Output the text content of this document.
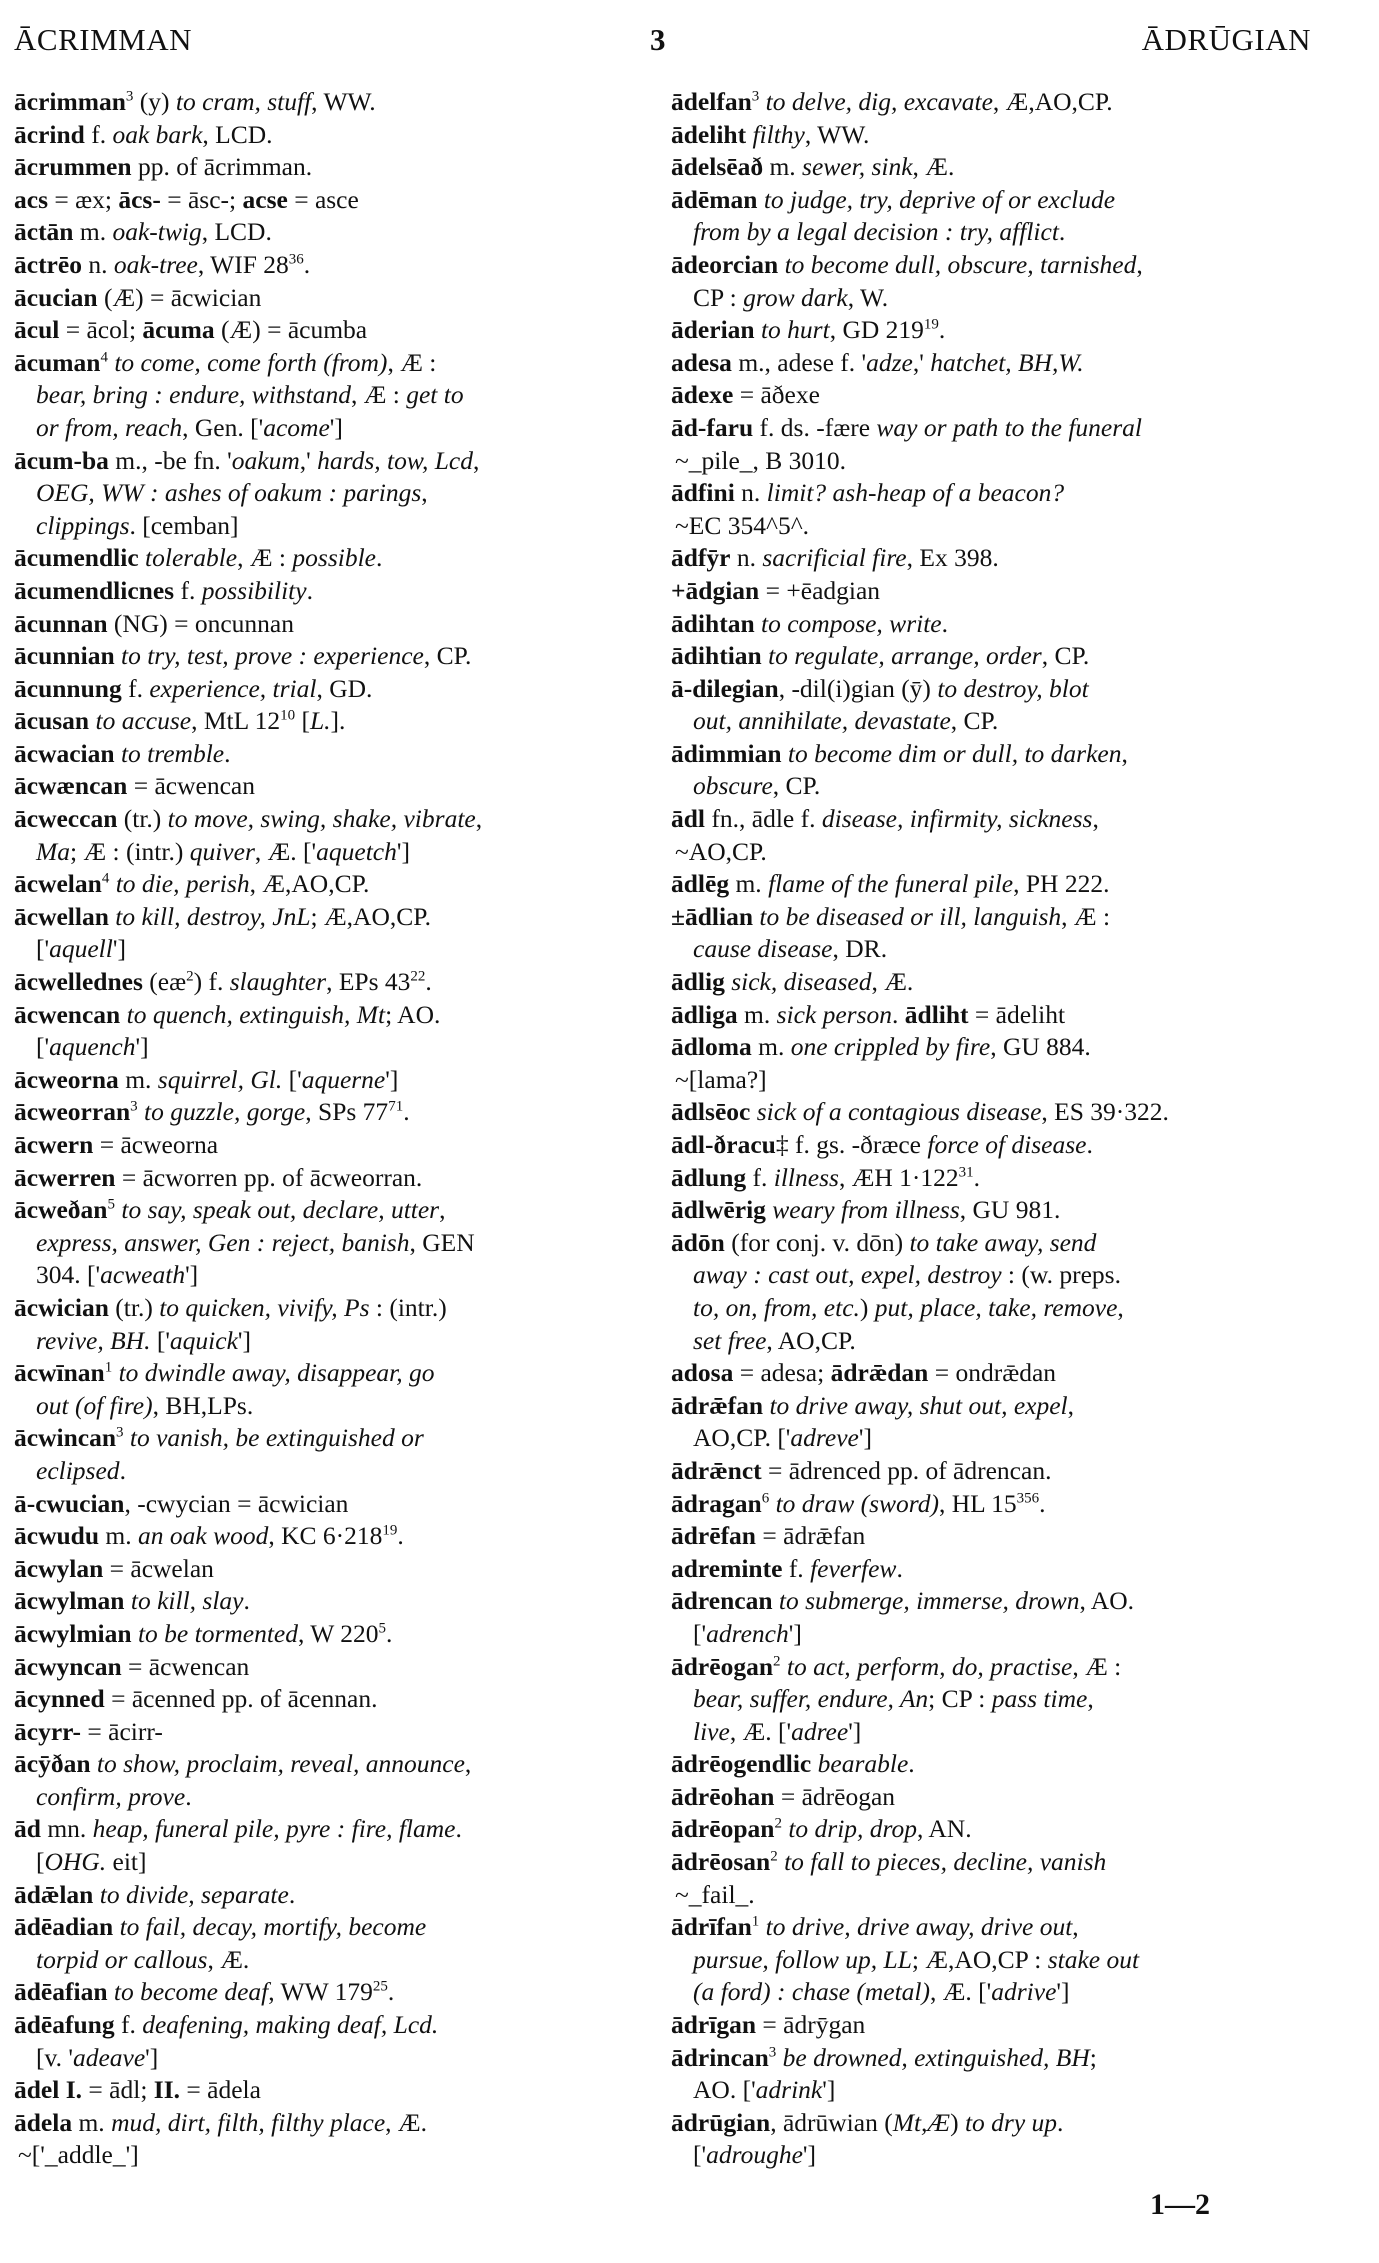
ĀCRIMMAN	3	ĀDRŪGIAN
ācrimman$^3$ (y) to cram, stuff, WW.
ācrind f. oak bark, LCD.
ācrummen pp. of ācrimman.
acs = æx; ācs- = āsc-; acse = asce
āctān m. oak-twig, LCD.
āctrēo n. oak-tree, WIF $28^{36}$.
ācucian (Æ) = ācwician
ācul = ācol; ācuma (Æ) = ācumba
ācuman$^4$ to come, come forth (from), Æ :
bear, bring : endure, withstand, Æ : get to
or from, reach, Gen. ['acome']
ācum-ba m., -be fn. 'oakum,' hards, tow, Lcd,
OEG, WW : ashes of oakum : parings,
clippings. [cemban]
ācumendlic tolerable, Æ : possible.
ācumendlicnes f. possibility.
ācunnan (NG) = oncunnan
ācunnian to try, test, prove : experience, CP.
ācunnung f. experience, trial, GD.
ācusan to accuse, MtL $12^{10}$ [L.].
ācwacian to tremble.
ācwæncan = ācwencan
ācweccan (tr.) to move, swing, shake, vibrate,
Ma; Æ : (intr.) quiver, Æ. ['aquetch']
ācwelan$^4$ to die, perish, Æ,AO,CP.
ācwellan to kill, destroy, JnL; Æ,AO,CP.
['aquell']
ācwellednes $(eæ^2)$ f. slaughter, EPs $43^{22}$.
ācwencan to quench, extinguish, Mt; AO.
['aquench']
ācweorna m. squirrel, Gl. ['aquerne']
ācweorran$^3$ to guzzle, gorge, SPs $77^{71}$.
ācwern = ācweorna
ācwerren = ācworren pp. of ācweorran.
ācweðan$^5$ to say, speak out, declare, utter,
express, answer, Gen : reject, banish, GEN
304. ['acweath']
ācwician (tr.) to quicken, vivify, Ps : (intr.)
revive, BH. ['aquick']
ācwīnan$^1$ to dwindle away, disappear, go
out (of fire), BH,LPs.
ācwincan$^3$ to vanish, be extinguished or
eclipsed.
ā-cwucian, -cwycian = ācwician
ācwudu m. an oak wood, KC $6\cdot 218^{19}$.
ācwylan = ācwelan
ācwylman to kill, slay.
ācwylmian to be tormented, W $220^5$.
ācwyncan = ācwencan
ācynned = ācenned pp. of ācennan.
ācyrr- = ācirr-
ācȳðan to show, proclaim, reveal, announce,
confirm, prove.
ād mn. heap, funeral pile, pyre : fire, flame.
[OHG. eit]
ādǣlan to divide, separate.
ādēadian to fail, decay, mortify, become
torpid or callous, Æ.
ādēafian to become deaf, WW $179^{25}$.
ādēafung f. deafening, making deaf, Lcd.
[v. 'adeave']
ādel I. = ādl; II. = ādela
ādela m. mud, dirt, filth, filthy place, Æ.
~['_addle_']
ādelfan$^3$ to delve, dig, excavate, Æ,AO,CP.
ādeliht filthy, WW.
ādelsēað m. sewer, sink, Æ.
ādēman to judge, try, deprive of or exclude
from by a legal decision : try, afflict.
ādeorcian to become dull, obscure, tarnished,
CP : grow dark, W.
āderian to hurt, GD $219^{19}$.
adesa m., adese f. 'adze,' hatchet, BH,W.
ādexe = āðexe
ād-faru f. ds. -fære way or path to the funeral
~_pile_, B 3010.
ādfini n. limit? ash-heap of a beacon?
~EC 354^5^.
ādfȳr n. sacrificial fire, Ex 398.
+ādgian = +ēadgian
ādihtan to compose, write.
ādihtian to regulate, arrange, order, CP.
ā-dilegian, -dil(i)gian (ȳ) to destroy, blot
out, annihilate, devastate, CP.
ādimmian to become dim or dull, to darken,
obscure, CP.
ādl fn., ādle f. disease, infirmity, sickness,
~AO,CP.
ādlēg m. flame of the funeral pile, PH 222.
±ādlian to be diseased or ill, languish, Æ :
cause disease, DR.
ādlig sick, diseased, Æ.
ādliga m. sick person. ādliht = ādeliht
ādloma m. one crippled by fire, GU 884.
~[lama?]
ādlsēoc sick of a contagious disease, ES 39·322.
ādl-ðracu‡ f. gs. -ðræce force of disease.
ādlung f. illness, ÆH $1\cdot 122^{31}$.
ādlwērig weary from illness, GU 981.
ādōn (for conj. v. dōn) to take away, send
away : cast out, expel, destroy : (w. preps.
to, on, from, etc.) put, place, take, remove,
set free, AO,CP.
adosa = adesa; ādrǣdan = ondrǣdan
ādrǣfan to drive away, shut out, expel,
AO,CP. ['adreve']
ādrǣnct = ādrenced pp. of ādrencan.
ādragan$^6$ to draw (sword), HL $15^{356}$.
ādrēfan = ādrǣfan
adreminte f. feverfew.
ādrencan to submerge, immerse, drown, AO.
['adrench']
ādrēogan$^2$ to act, perform, do, practise, Æ :
bear, suffer, endure, An; CP : pass time,
live, Æ. ['adree']
ādrēogendlic bearable.
ādrēohan = ādrēogan
ādrēopan$^2$ to drip, drop, AN.
ādrēosan$^2$ to fall to pieces, decline, vanish
~_fail_.
ādrīfan$^1$ to drive, drive away, drive out,
pursue, follow up, LL; Æ,AO,CP : stake out
(a ford) : chase (metal), Æ. ['adrive']
ādrīgan = ādrȳgan
ādrincan$^3$ be drowned, extinguished, BH;
AO. ['adrink']
ādrūgian, ādrūwian (Mt,Æ) to dry up.
['adroughe']
1—2
